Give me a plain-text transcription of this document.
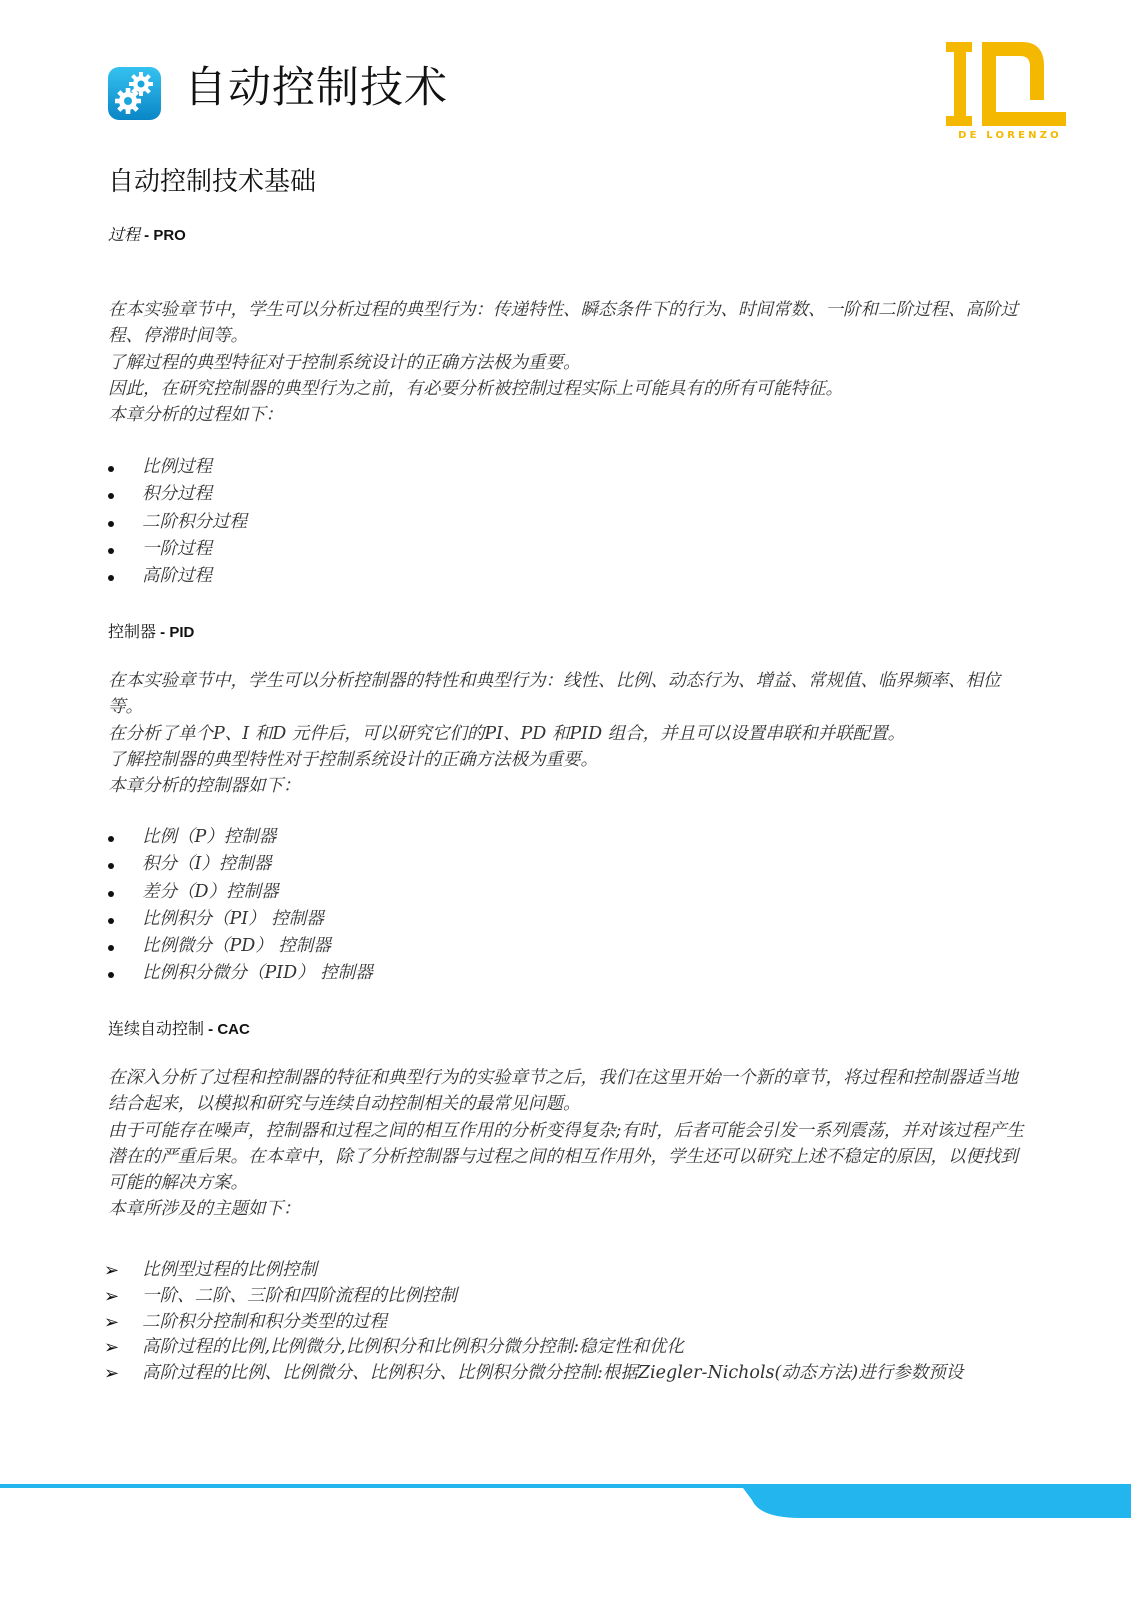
自动控制技术
DE LORENZO
自动控制技术基础
过程 - PRO

在本实验章节中，学生可以分析过程的典型行为：传递特性、瞬态条件下的行为、时间常数、一阶和二阶过程、高阶过程、停滞时间等。

了解过程的典型特征对于控制系统设计的正确方法极为重要。

因此，在研究控制器的典型行为之前，有必要分析被控制过程实际上可能具有的所有可能特征。

本章分析的过程如下：

比例过程
积分过程
二阶积分过程
一阶过程
高阶过程
控制器 - PID

在本实验章节中，学生可以分析控制器的特性和典型行为：线性、比例、动态行为、增益、常规值、临界频率、相位等。

在分析了单个P、I 和D 元件后，可以研究它们的PI、PD 和PID 组合，并且可以设置串联和并联配置。

了解控制器的典型特性对于控制系统设计的正确方法极为重要。

本章分析的控制器如下：

比例（P）控制器
积分（I）控制器
差分（D）控制器
比例积分（PI） 控制器
比例微分（PD） 控制器
比例积分微分（PID） 控制器
连续自动控制 - CAC

在深入分析了过程和控制器的特征和典型行为的实验章节之后，我们在这里开始一个新的章节，将过程和控制器适当地结合起来，以模拟和研究与连续自动控制相关的最常见问题。

由于可能存在噪声，控制器和过程之间的相互作用的分析变得复杂;有时，后者可能会引发一系列震荡，并对该过程产生潜在的严重后果。在本章中，除了分析控制器与过程之间的相互作用外，学生还可以研究上述不稳定的原因，以便找到可能的解决方案。

本章所涉及的主题如下：

➢ 比例型过程的比例控制
➢ 一阶、二阶、三阶和四阶流程的比例控制
➢ 二阶积分控制和积分类型的过程
➢ 高阶过程的比例,比例微分,比例积分和比例积分微分控制:稳定性和优化
➢ 高阶过程的比例、比例微分、比例积分、比例积分微分控制:根据Ziegler-Nichols(动态方法)进行参数预设
